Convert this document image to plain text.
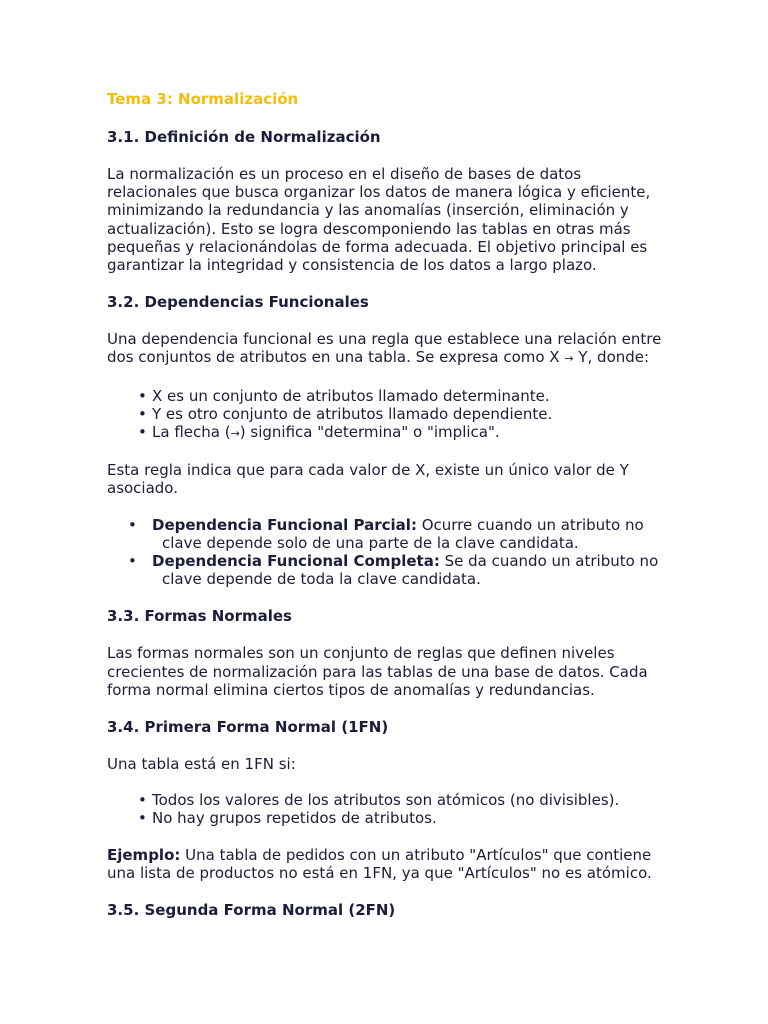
Tema 3: Normalización
3.1. Definición de Normalización

La normalización es un proceso en el diseño de bases de datos relacionales que busca organizar los datos de manera lógica y eficiente, minimizando la redundancia y las anomalías (inserción, eliminación y actualización). Esto se logra descomponiendo las tablas en otras más pequeñas y relacionándolas de forma adecuada. El objetivo principal es garantizar la integridad y consistencia de los datos a largo plazo.

3.2. Dependencias Funcionales

Una dependencia funcional es una regla que establece una relación entre dos conjuntos de atributos en una tabla. Se expresa como X → Y, donde:

• X es un conjunto de atributos llamado determinante.
• Y es otro conjunto de atributos llamado dependiente.
• La flecha (→) significa "determina" o "implica".

Esta regla indica que para cada valor de X, existe un único valor de Y asociado.

• Dependencia Funcional Parcial: Ocurre cuando un atributo no clave depende solo de una parte de la clave candidata.
• Dependencia Funcional Completa: Se da cuando un atributo no clave depende de toda la clave candidata.
3.3. Formas Normales

Las formas normales son un conjunto de reglas que definen niveles crecientes de normalización para las tablas de una base de datos. Cada forma normal elimina ciertos tipos de anomalías y redundancias.

3.4. Primera Forma Normal (1FN)

Una tabla está en 1FN si:

• Todos los valores de los atributos son atómicos (no divisibles).
• No hay grupos repetidos de atributos.

Ejemplo: Una tabla de pedidos con un atributo "Artículos" que contiene una lista de productos no está en 1FN, ya que "Artículos" no es atómico.

3.5. Segunda Forma Normal (2FN)
